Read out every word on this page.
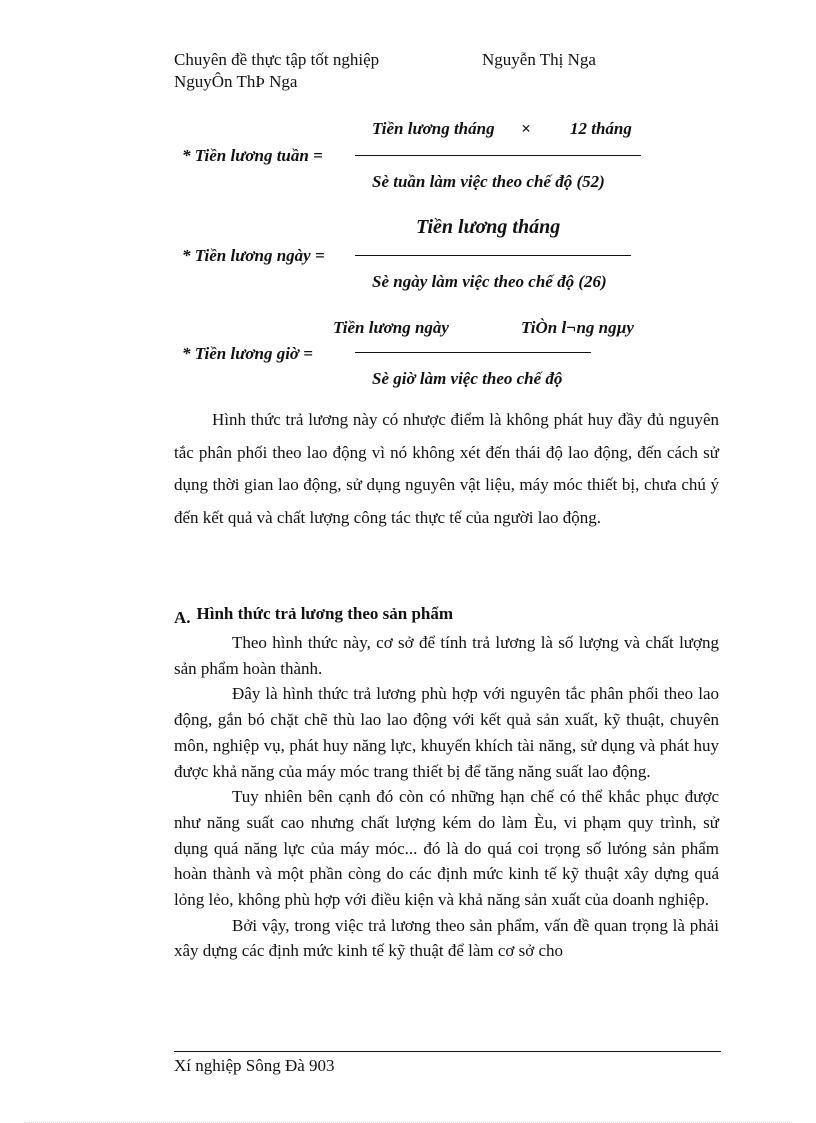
Chuyên đề thực tập tốt nghiệp	Nguyễn Thị Nga
NguyÔn ThÞ Nga
Tiền lương tháng × 12 tháng
* Tiền lương tuần =
Sè tuần làm việc theo chế độ (52)
Tiền lương tháng
* Tiền lương ngày =
Sè ngày làm việc theo chế độ (26)
Tiền lương ngày	TiÒn l¬ng ngµy
* Tiền lương giờ =
Sè giờ làm việc theo chế độ

Hình thức trả lương này có nhược điểm là không phát huy đầy đủ nguyên tắc phân phối theo lao động vì nó không xét đến thái độ lao động, đến cách sử dụng thời gian lao động, sử dụng nguyên vật liệu, máy móc thiết bị, chưa chú ý đến kết quả và chất lượng công tác thực tế của người lao động.

A. Hình thức trả lương theo sản phẩm

Theo hình thức này, cơ sở để tính trả lương là số lượng và chất lượng sản phẩm hoàn thành.

Đây là hình thức trả lương phù hợp với nguyên tắc phân phối theo lao động, gắn bó chặt chẽ thù lao lao động với kết quả sản xuất, kỹ thuật, chuyên môn, nghiệp vụ, phát huy năng lực, khuyến khích tài năng, sử dụng và phát huy được khả năng của máy móc trang thiết bị để tăng năng suất lao động.

Tuy nhiên bên cạnh đó còn có những hạn chế có thể khắc phục được như năng suất cao nhưng chất lượng kém do làm Èu, vi phạm quy trình, sử dụng quá năng lực của máy móc... đó là do quá coi trọng số lưóng sản phẩm hoàn thành và một phần còng do các định mức kinh tế kỹ thuật xây dựng quá lỏng lẻo, không phù hợp với điều kiện và khả năng sản xuất của doanh nghiệp.

Bởi vậy, trong việc trả lương theo sản phẩm, vấn đề quan trọng là phải xây dựng các định mức kinh tế kỹ thuật để làm cơ sở cho

Xí nghiệp Sông Đà 903
